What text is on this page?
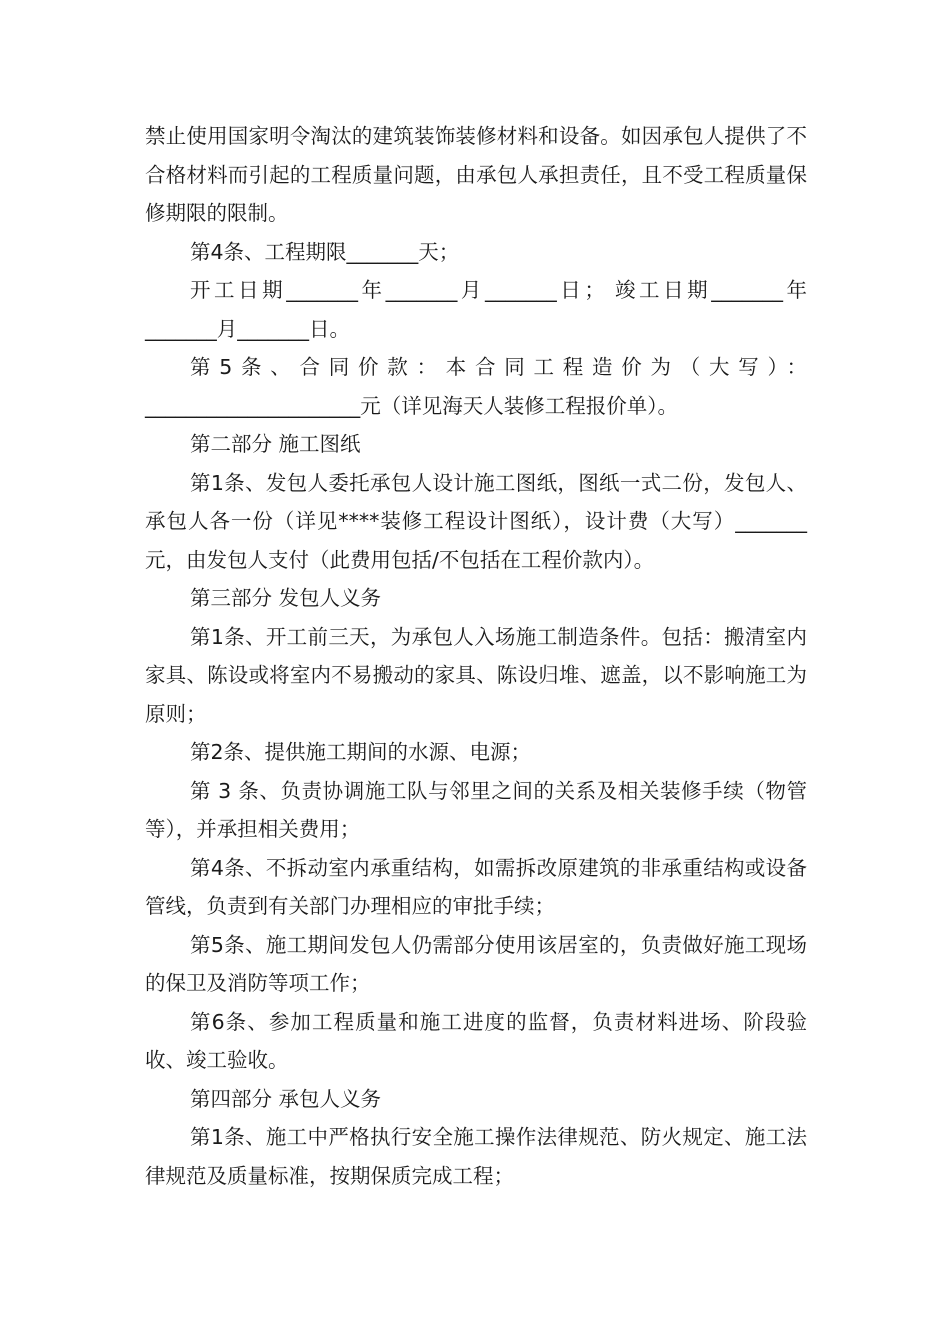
禁止使用国家明令淘汰的建筑装饰装修材料和设备。如因承包人提供了不合格材料而引起的工程质量问题，由承包人承担责任，且不受工程质量保修期限的限制。

第4条、工程期限_______天；

开工日期_______年_______月_______日； 竣工日期_______年_______月_______日。

第5条、合同价款：本合同工程造价为（大写）：_____________________元（详见海天人装修工程报价单）。

第二部分 施工图纸

第1条、发包人委托承包人设计施工图纸，图纸一式二份，发包人、承包人各一份（详见****装修工程设计图纸），设计费（大写）_______元，由发包人支付（此费用包括/不包括在工程价款内）。

第三部分 发包人义务

第1条、开工前三天，为承包人入场施工制造条件。包括：搬清室内家具、陈设或将室内不易搬动的家具、陈设归堆、遮盖，以不影响施工为原则；

第2条、提供施工期间的水源、电源；

第 3 条、负责协调施工队与邻里之间的关系及相关装修手续（物管等），并承担相关费用；

第4条、不拆动室内承重结构，如需拆改原建筑的非承重结构或设备管线，负责到有关部门办理相应的审批手续；

第5条、施工期间发包人仍需部分使用该居室的，负责做好施工现场的保卫及消防等项工作；

第6条、参加工程质量和施工进度的监督，负责材料进场、阶段验收、竣工验收。

第四部分 承包人义务

第1条、施工中严格执行安全施工操作法律规范、防火规定、施工法律规范及质量标准，按期保质完成工程；
